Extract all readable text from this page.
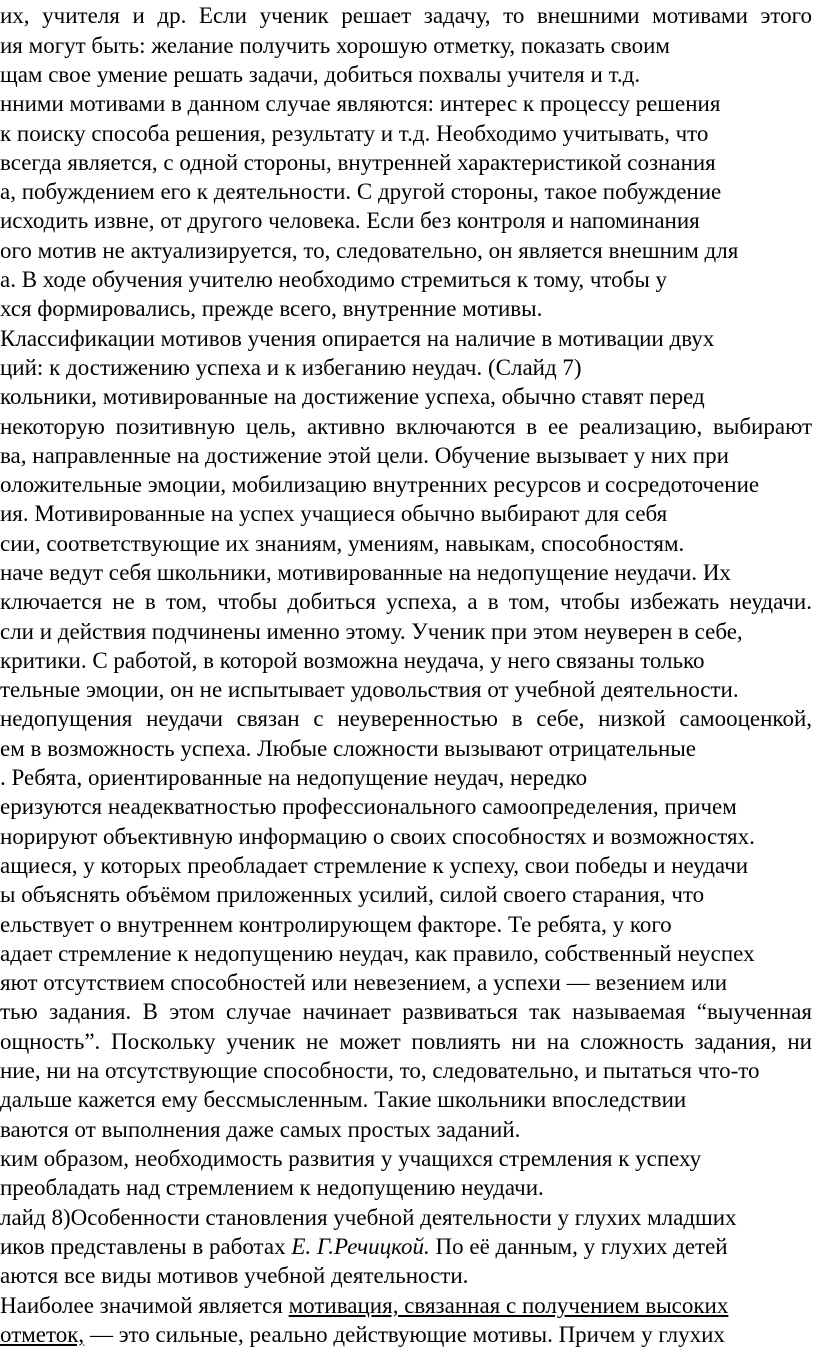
их, учителя и др. Если ученик решает задачу, то внешними мотивами этого
ия могут быть: желание получить хорошую отметку, показать своим
щам свое умение решать задачи, добиться похвалы учителя и т.д.
нними мотивами в данном случае являются: интерес к процессу решения
к поиску способа решения, результату и т.д. Необходимо учитывать, что
всегда является, с одной стороны, внутренней характеристикой сознания
а, побуждением его к деятельности. С другой стороны, такое побуждение
исходить извне, от другого человека. Если без контроля и напоминания
ого мотив не актуализируется, то, следовательно, он является внешним для
а. В ходе обучения учителю необходимо стремиться к тому, чтобы у
хся формировались, прежде всего, внутренние мотивы.
Классификации мотивов учения опирается на наличие в мотивации двух
ций: к достижению успеха и к избеганию неудач. (Слайд 7)
кольники, мотивированные на достижение успеха, обычно ставят перед
некоторую позитивную цель, активно включаются в ее реализацию, выбирают
ва, направленные на достижение этой цели. Обучение вызывает у них при
оложительные эмоции, мобилизацию внутренних ресурсов и сосредоточение
ия. Мотивированные на успех учащиеся обычно выбирают для себя
сии, соответствующие их знаниям, умениям, навыкам, способностям.
наче ведут себя школьники, мотивированные на недопущение неудачи. Их
ключается не в том, чтобы добиться успеха, а в том, чтобы избежать неудачи.
сли и действия подчинены именно этому. Ученик при этом неуверен в себе,
критики. С работой, в которой возможна неудача, у него связаны только
тельные эмоции, он не испытывает удовольствия от учебной деятельности.
недопущения неудачи связан с неуверенностью в себе, низкой самооценкой,
ем в возможность успеха. Любые сложности вызывают отрицательные
. Ребята, ориентированные на недопущение неудач, нередко
еризуются неадекватностью профессионального самоопределения, причем
норируют объективную информацию о своих способностях и возможностях.
ащиеся, у которых преобладает стремление к успеху, свои победы и неудачи
ы объяснять объёмом приложенных усилий, силой своего старания, что
ельствует о внутреннем контролирующем факторе. Те ребята, у кого
адает стремление к недопущению неудач, как правило, собственный неуспех
яют отсутствием способностей или невезением, а успехи — везением или
тью задания. В этом случае начинает развиваться так называемая “выученная
ощность”. Поскольку ученик не может повлиять ни на сложность задания, ни
ние, ни на отсутствующие способности, то, следовательно, и пытаться что-то
дальше кажется ему бессмысленным. Такие школьники впоследствии
ваются от выполнения даже самых простых заданий.
ким образом, необходимость развития у учащихся стремления к успеху
преобладать над стремлением к недопущению неудачи.
лайд 8)Особенности становления учебной деятельности у глухих младших
иков представлены в работах Е. Г.Речицкой. По её данным, у глухих детей
аются все виды мотивов учебной деятельности.
Наиболее значимой является мотивация, связанная с получением высоких
отметок, — это сильные, реально действующие мотивы. Причем у глухих
